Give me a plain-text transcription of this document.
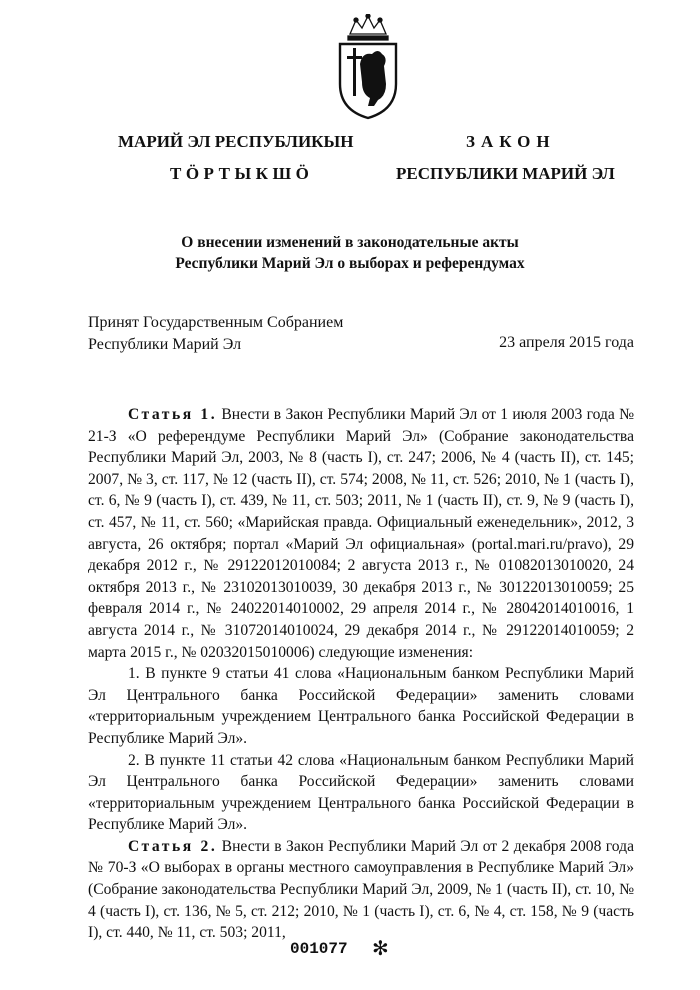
МАРИЙ ЭЛ РЕСПУБЛИКЫН
ТӦРТЫКШӦ
ЗАКОН
РЕСПУБЛИКИ МАРИЙ ЭЛ
О внесении изменений в законодательные акты
Республики Марий Эл о выборах и референдумах
Принят Государственным Собранием
Республики Марий Эл	23 апреля 2015 года

Статья 1. Внести в Закон Республики Марий Эл от 1 июля 2003 года № 21-З «О референдуме Республики Марий Эл» (Собрание законодательства Республики Марий Эл, 2003, № 8 (часть I), ст. 247; 2006, № 4 (часть II), ст. 145; 2007, № 3, ст. 117, № 12 (часть II), ст. 574; 2008, № 11, ст. 526; 2010, № 1 (часть I), ст. 6, № 9 (часть I), ст. 439, № 11, ст. 503; 2011, № 1 (часть II), ст. 9, № 9 (часть I), ст. 457, № 11, ст. 560; «Марийская правда. Официальный еженедельник», 2012, 3 августа, 26 октября; портал «Марий Эл официальная» (portal.mari.ru/pravo), 29 декабря 2012 г., № 29122012010084; 2 августа 2013 г., № 01082013010020, 24 октября 2013 г., № 23102013010039, 30 декабря 2013 г., № 30122013010059; 25 февраля 2014 г., № 24022014010002, 29 апреля 2014 г., № 28042014010016, 1 августа 2014 г., № 31072014010024, 29 декабря 2014 г., № 29122014010059; 2 марта 2015 г., № 02032015010006) следующие изменения:

1. В пункте 9 статьи 41 слова «Национальным банком Республики Марий Эл Центрального банка Российской Федерации» заменить словами «территориальным учреждением Центрального банка Российской Федерации в Республике Марий Эл».

2. В пункте 11 статьи 42 слова «Национальным банком Республики Марий Эл Центрального банка Российской Федерации» заменить словами «территориальным учреждением Центрального банка Российской Федерации в Республике Марий Эл».

Статья 2. Внести в Закон Республики Марий Эл от 2 декабря 2008 года № 70-З «О выборах в органы местного самоуправления в Республике Марий Эл» (Собрание законодательства Республики Марий Эл, 2009, № 1 (часть II), ст. 10, № 4 (часть I), ст. 136, № 5, ст. 212; 2010, № 1 (часть I), ст. 6, № 4, ст. 158, № 9 (часть I), ст. 440, № 11, ст. 503; 2011,

001077 ✻
